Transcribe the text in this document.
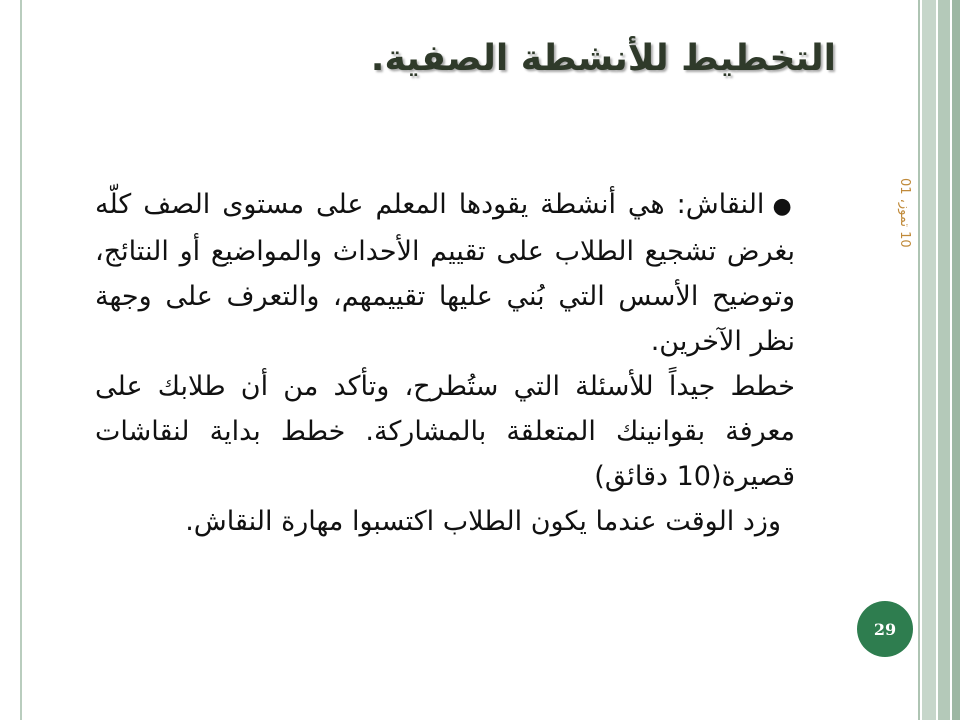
التخطيط للأنشطة الصفية.
10 تموز، 01

●النقاش: هي أنشطة يقودها المعلم على مستوى الصف كلّه بغرض تشجيع الطلاب على تقييم الأحداث والمواضيع أو النتائج، وتوضيح الأسس التي بُني عليها تقييمهم، والتعرف على وجهة نظر الآخرين.

خطط جيداً للأسئلة التي ستُطرح، وتأكد من أن طلابك على معرفة بقوانينك المتعلقة بالمشاركة. خطط بداية لنقاشات قصيرة(10 دقائق)

وزد الوقت عندما يكون الطلاب اكتسبوا مهارة النقاش.

29
